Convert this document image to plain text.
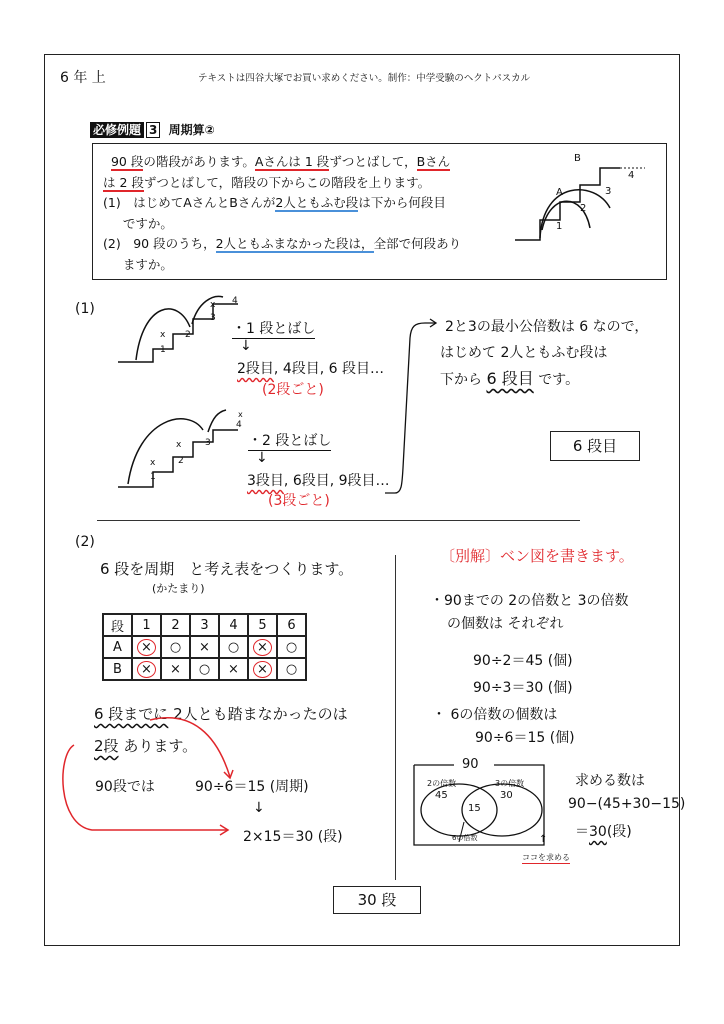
6 年 上	テキストは四谷大塚でお買い求めください。制作：中学受験のヘクトパスカル
必修例題 3 周期算②
90 段の階段があります。Aさんは 1 段ずつとばして，Bさん
は 2 段ずつとばして，階段の下からこの階段を上ります。
(1)　はじめてAさんとBさんが2人ともふむ段は下から何段目
ですか。
(2)　90 段のうち，2人ともふまなかった段は，全部で何段あり
ますか。
B
A
1
2
3
4
(1)
x
x
1
2
3
4
・1 段とばし
↓
2段目, 4段目, 6 段目…
(2段ごと)
x
x
1
2
3
4
x
・2 段とばし
↓
3段目, 6段目, 9段目…
(3段ごと)
2と3の最小公倍数は 6 なので，
はじめて 2人ともふむ段は
下から 6 段目 です。
6 段目
(2)
6 段を周期　と考え表をつくります。
(かたまり)
段	1	2	3	4	5	6
A	×	○	×	○	×	○
B	×	×	○	×	×	○
6 段までに 2人とも踏まなかったのは
2段 あります。
90段では	90÷6＝15 (周期)
↓
2×15＝30 (段)
〔別解〕ベン図を書きます。
・90までの 2の倍数と 3の倍数
の個数は それぞれ
90÷2＝45 (個)
90÷3＝30 (個)
・ 6の倍数の個数は
90÷6＝15 (個)
90
2の倍数
45
3の倍数
30
15
6の倍数
ココを求める
↑
求める数は
90−(45+30−15)
＝30(段)
30 段
